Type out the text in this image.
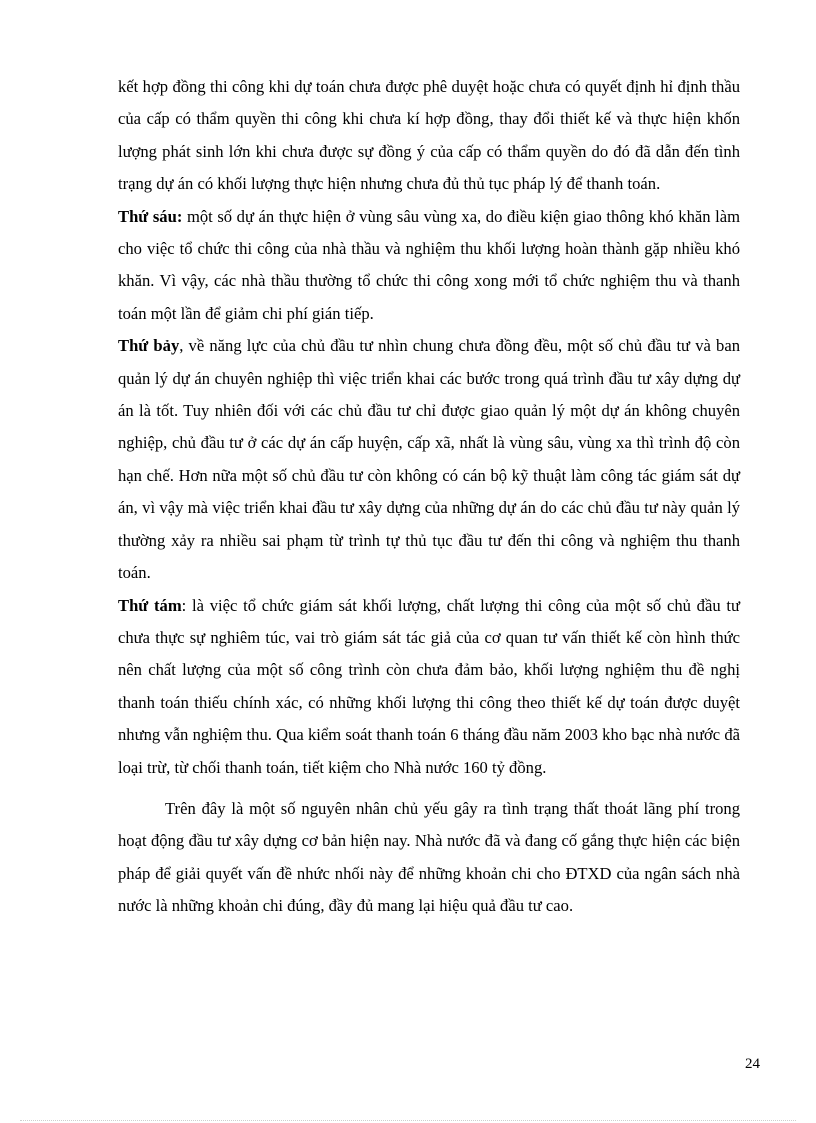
kết hợp đồng thi công khi dự toán chưa được phê duyệt hoặc chưa có quyết định hỉ định thầu của cấp có thẩm quyền thi công khi chưa kí hợp đồng, thay đổi thiết kế và thực hiện khốn lượng phát sinh lớn khi chưa được sự đồng ý của cấp có thẩm quyền do đó đã dẫn đến tình trạng dự án có khối lượng thực hiện nhưng chưa đủ thủ tục pháp lý để thanh toán.

Thứ sáu: một số dự án thực hiện ở vùng sâu vùng xa, do điều kiện giao thông khó khăn làm cho việc tổ chức thi công của nhà thầu và nghiệm thu khối lượng hoàn thành gặp nhiều khó khăn. Vì vậy, các nhà thầu thường tổ chức thi công xong mới tổ chức nghiệm thu và thanh toán một lần để giảm chi phí gián tiếp.

Thứ bảy, về năng lực của chủ đầu tư nhìn chung chưa đồng đều, một số chủ đầu tư và ban quản lý dự án chuyên nghiệp thì việc triển khai các bước trong quá trình đầu tư xây dựng dự án là tốt. Tuy nhiên đối với các chủ đầu tư chỉ được giao quản lý một dự án không chuyên nghiệp, chủ đầu tư ở các dự án cấp huyện, cấp xã, nhất là vùng sâu, vùng xa thì trình độ còn hạn chế. Hơn nữa một số chủ đầu tư còn không có cán bộ kỹ thuật làm công tác giám sát dự án, vì vậy mà việc triển khai đầu tư xây dựng của những dự án do các chủ đầu tư này quản lý thường xảy ra nhiều sai phạm từ trình tự thủ tục đầu tư đến thi công và nghiệm thu thanh toán.

Thứ tám: là việc tổ chức giám sát khối lượng, chất lượng thi công của một số chủ đầu tư chưa thực sự nghiêm túc, vai trò giám sát tác giả của cơ quan tư vấn thiết kế còn hình thức nên chất lượng của một số công trình còn chưa đảm bảo, khối lượng nghiệm thu đề nghị thanh toán thiếu chính xác, có những khối lượng thi công theo thiết kế dự toán được duyệt nhưng vẫn nghiệm thu. Qua kiểm soát thanh toán 6 tháng đầu năm 2003 kho bạc nhà nước đã loại trừ, từ chối thanh toán, tiết kiệm cho Nhà nước 160 tỷ đồng.

Trên đây là một số nguyên nhân chủ yếu gây ra tình trạng thất thoát lãng phí trong hoạt động đầu tư xây dựng cơ bản hiện nay. Nhà nước đã và đang cố gắng thực hiện các biện pháp để giải quyết vấn đề nhức nhối này để những khoản chi cho ĐTXD của ngân sách nhà nước là những khoản chi đúng, đầy đủ mang lại hiệu quả đầu tư cao.

24
